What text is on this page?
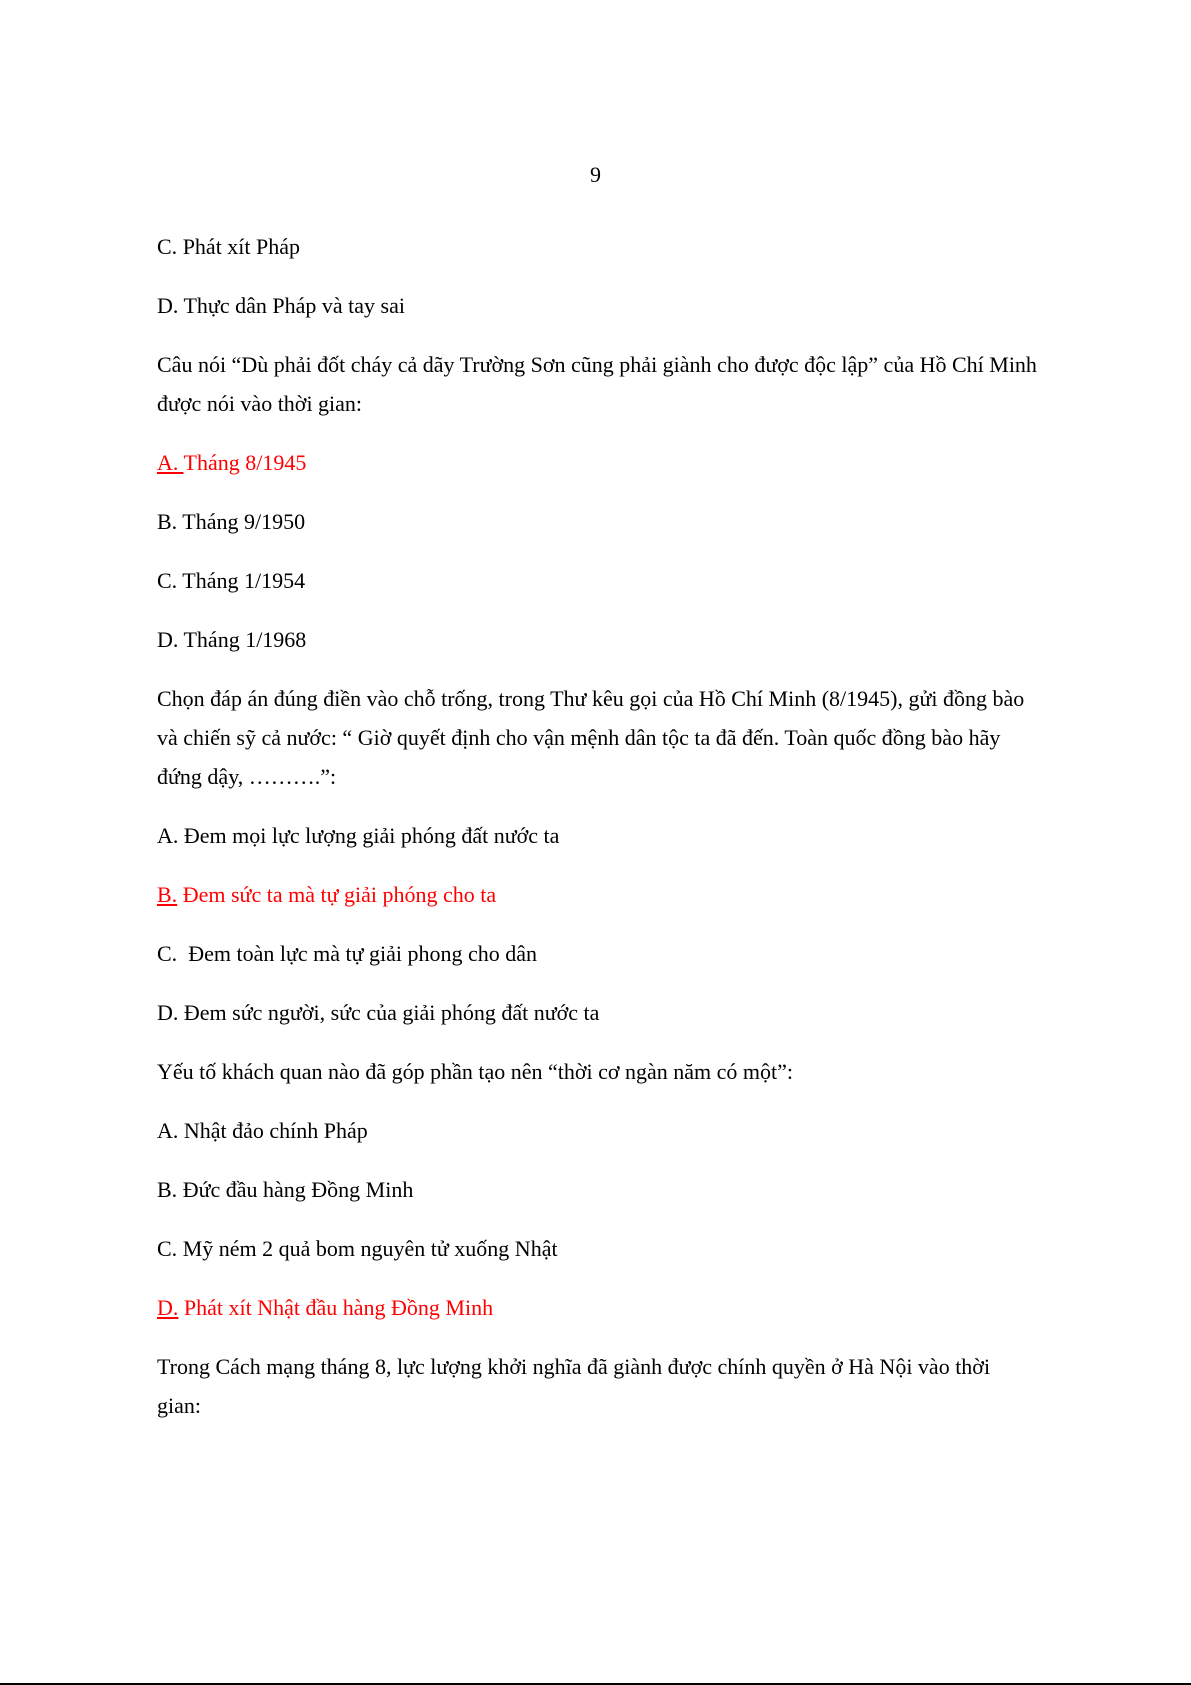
9
C. Phát xít Pháp
D. Thực dân Pháp và tay sai
Câu nói “Dù phải đốt cháy cả dãy Trường Sơn cũng phải giành cho được độc lập” của Hồ Chí Minh được nói vào thời gian:
A. Tháng 8/1945
B. Tháng 9/1950
C. Tháng 1/1954
D. Tháng 1/1968
Chọn đáp án đúng điền vào chỗ trống, trong Thư kêu gọi của Hồ Chí Minh (8/1945), gửi đồng bào và chiến sỹ cả nước: “ Giờ quyết định cho vận mệnh dân tộc ta đã đến. Toàn quốc đồng bào hãy đứng dậy, ……….”:
A. Đem mọi lực lượng giải phóng đất nước ta
B. Đem sức ta mà tự giải phóng cho ta
C.  Đem toàn lực mà tự giải phong cho dân
D. Đem sức người, sức của giải phóng đất nước ta
Yếu tố khách quan nào đã góp phần tạo nên “thời cơ ngàn năm có một”:
A. Nhật đảo chính Pháp
B. Đức đầu hàng Đồng Minh
C. Mỹ ném 2 quả bom nguyên tử xuống Nhật
D. Phát xít Nhật đầu hàng Đồng Minh
Trong Cách mạng tháng 8, lực lượng khởi nghĩa đã giành được chính quyền ở Hà Nội vào thời gian:
